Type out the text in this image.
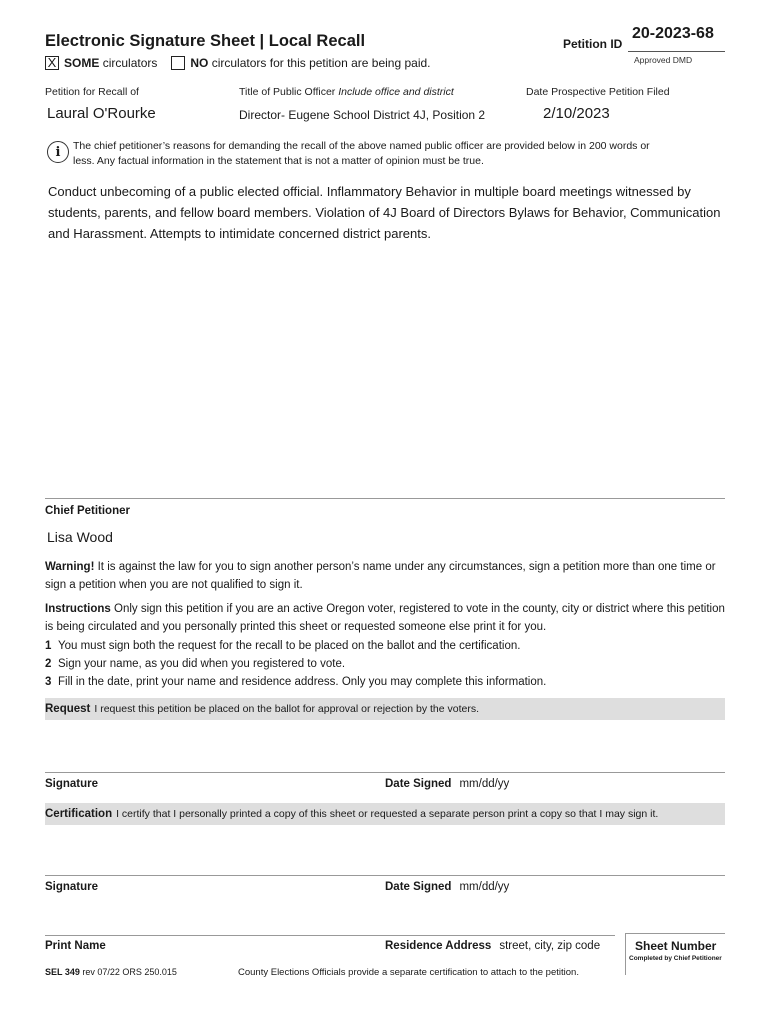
Electronic Signature Sheet | Local Recall	Petition ID
20-2023-68
Approved DMD
X SOME
circulators	NO
circulators for this petition are being paid.
Petition for Recall of	Title of Public Officer Include office and district	Date Prospective Petition Filed
Laural O'Rourke	Director- Eugene School District 4J, Position 2	2/10/2023
i	The chief petitioner’s reasons for demanding the recall of the above named public officer are provided below in 200 words or less. Any factual information in the statement that is not a matter of opinion must be true.
Conduct unbecoming of a public elected official. Inflammatory Behavior in multiple board meetings witnessed by students, parents, and fellow board members. Violation of 4J Board of Directors Bylaws for Behavior, Communication and Harassment. Attempts to intimidate concerned district parents.
Chief Petitioner
Lisa Wood
Warning! It is against the law for you to sign another person’s name under any circumstances, sign a petition more than one time or sign a petition when you are not qualified to sign it.
Instructions Only sign this petition if you are an active Oregon voter, registered to vote in the county, city or district where this petition is being circulated and you personally printed this sheet or requested someone else print it for you.
1 You must sign both the request for the recall to be placed on the ballot and the certification.
2 Sign your name, as you did when you registered to vote.
3 Fill in the date, print your name and residence address. Only you may complete this information.
Request I request this petition be placed on the ballot for approval or rejection by the voters.
Signature	Date Signed mm/dd/yy
Certification I certify that I personally printed a copy of this sheet or requested a separate person print a copy so that I may sign it.
Signature	Date Signed mm/dd/yy
Print Name	Residence Address street, city, zip code	Sheet Number
Completed by Chief Petitioner
SEL 349 rev 07/22 ORS 250.015	County Elections Officials provide a separate certification to attach to the petition.
